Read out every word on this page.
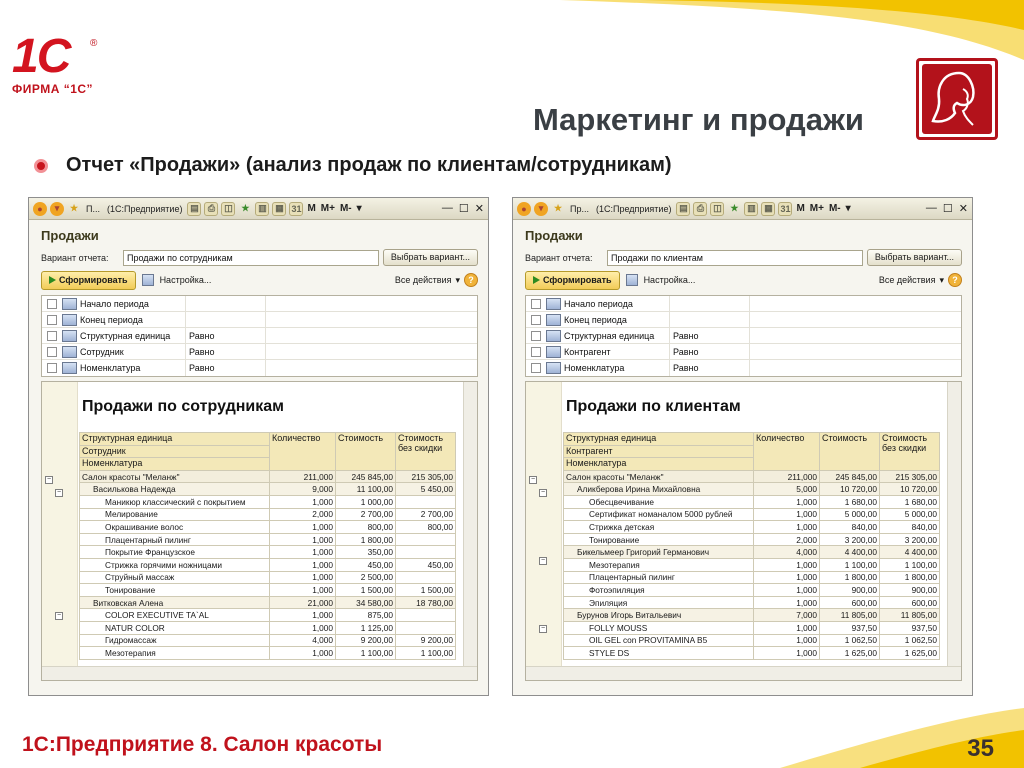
1С	®
ФИРМА “1С”
Маркетинг и продажи
Отчет «Продажи» (анализ продаж по клиентам/сотрудникам)
●	▾	★ П... (1С:Предприятие) ▤	⎙	◫ ★ ▥ ▦ 31 M M+ M- ▾	— ☐ ✕
Продажи
Вариант отчета:	Продажи по сотрудникам	Выбрать вариант...
Сформировать	Настройка...	Все действия ▾ ?
Начало периода
Конец периода
Структурная единица	Равно
Сотрудник	Равно
Номенклатура	Равно
Продажи по сотрудникам
−
−
−
Структурная единица	Количество	Стоимость	Стоимость без скидки
Сотрудник			
Номенклатура			
Салон красоты "Меланж"	211,000	245 845,00	215 305,00
Василькова Надежда	9,000	11 100,00	5 450,00
Маникюр классический с покрытием	1,000	1 000,00	
Мелирование	2,000	2 700,00	2 700,00
Окрашивание волос	1,000	800,00	800,00
Плацентарный пилинг	1,000	1 800,00	
Покрытие Французское	1,000	350,00	
Стрижка горячими ножницами	1,000	450,00	450,00
Струйный массаж	1,000	2 500,00	
Тонирование	1,000	1 500,00	1 500,00
Витковская Алена	21,000	34 580,00	18 780,00
COLOR EXECUTIVE TA`AL	1,000	875,00	
NATUR COLOR	1,000	1 125,00	
Гидромассаж	4,000	9 200,00	9 200,00
Мезотерапия	1,000	1 100,00	1 100,00
●	▾	★ Пр... (1С:Предприятие) ▤	⎙	◫ ★ ▥ ▦ 31 M M+ M- ▾	— ☐ ✕
Продажи
Вариант отчета:	Продажи по клиентам	Выбрать вариант...
Сформировать	Настройка...	Все действия ▾ ?
Начало периода
Конец периода
Структурная единица	Равно
Контрагент	Равно
Номенклатура	Равно
Продажи по клиентам
−
−
−
−
Структурная единица	Количество	Стоимость	Стоимость без скидки
Контрагент			
Номенклатура			
Салон красоты "Меланж"	211,000	245 845,00	215 305,00
Аликберова Ирина Михайловна	5,000	10 720,00	10 720,00
Обесцвечивание	1,000	1 680,00	1 680,00
Сертификат номаналом 5000 рублей	1,000	5 000,00	5 000,00
Стрижка детская	1,000	840,00	840,00
Тонирование	2,000	3 200,00	3 200,00
Бикельмеер Григорий Германович	4,000	4 400,00	4 400,00
Мезотерапия	1,000	1 100,00	1 100,00
Плацентарный пилинг	1,000	1 800,00	1 800,00
Фотоэпиляция	1,000	900,00	900,00
Эпиляция	1,000	600,00	600,00
Бурунов Игорь Витальевич	7,000	11 805,00	11 805,00
FOLLY MOUSS	1,000	937,50	937,50
OIL GEL con PROVITAMINA B5	1,000	1 062,50	1 062,50
STYLE DS	1,000	1 625,00	1 625,00
1С:Предприятие 8. Салон красоты	35
